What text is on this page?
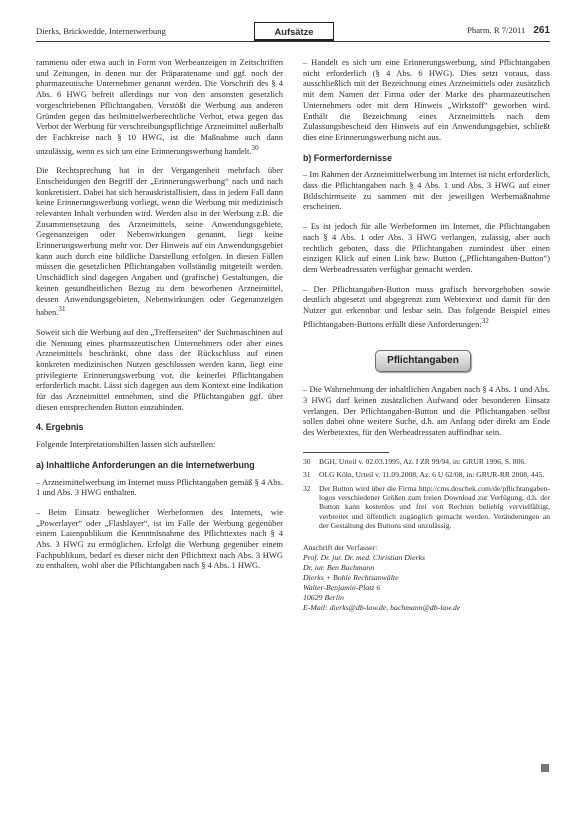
Dierks, Brickwedde, Internetwerbung	Aufsätze	Pharm. R 7/2011 261

rammenu oder etwa auch in Form von Werbeanzeigen in Zeitschriften und Zeitungen, in denen nur der Präparatename und ggf. noch der pharmazeutische Unternehmer genannt werden. Die Vorschrift des § 4 Abs. 6 HWG befreit allerdings nur von den ansonsten gesetzlich vorgeschriebenen Pflichtangaben. Verstößt die Werbung aus anderen Gründen gegen das heilmittelwerberechtliche Verbot, etwa gegen das Verbot der Werbung für verschreibungspflichtige Arzneimittel außerhalb der Fachkreise nach § 10 HWG, ist die Maßnahme auch dann unzulässig, wenn es sich um eine Erinnerungswerbung handelt.$^{30}$

Die Rechtsprechung hat in der Vergangenheit mehrfach über Entscheidungen den Begriff der „Erinnerungswerbung“ nach und nach konkretisiert. Dabei hat sich herauskristallisiert, dass in jedem Fall dann keine Erinnerungswerbung vorliegt, wenn die Werbung mit medizinisch relevanten Inhalt verbunden wird. Werden also in der Werbung z.B. die Zusammensetzung des Arzneimittels, seine Anwendungsgebiete, Gegenanzeigen oder Nebenwirkungen genannt, liegt keine Erinnerungswerbung mehr vor. Der Hinweis auf ein Anwendungsgebiet kann auch durch eine bildliche Darstellung erfolgen. In diesen Fällen müssen die gesetzlichen Pflichtangaben vollständig mitgeteilt werden. Unschädlich sind dagegen Angaben und (grafische) Gestaltungen, die keinen gesundheitlichen Bezug zu dem beworbenen Arzneimittel, dessen Anwendungsgebieten, Nebenwirkungen oder Gegenanzeigen haben.$^{31}$

Soweit sich die Werbung auf den „Trefferseiten“ der Suchmaschinen auf die Nennung eines pharmazeutischen Unternehmers oder aber eines Arzneimittels beschränkt, ohne dass der Rückschluss auf einen konkreten medizinischen Nutzen geschlossen werden kann, liegt eine privilegierte Erinnerungswerbung vor, die keinerlei Pflichtangaben erforderlich macht. Lässt sich dagegen aus dem Kontext eine Indikation für das Arzneimittel entnehmen, sind die Pflichtangaben ggf. über diesen entsprechenden Button einzubinden.

4. Ergebnis

Folgende Interpretationshilfen lassen sich aufstellen:

a) Inhaltliche Anforderungen an die Internetwerbung

– Arzneimittelwerbung im Internet muss Pflichtangaben gemäß § 4 Abs. 1 und Abs. 3 HWG enthalten.

– Beim Einsatz beweglicher Werbeformen des Internets, wie „Powerlayer“ oder „Flashlayer“, ist im Falle der Werbung gegenüber einem Laienpublikum die Kenntnisnahme des Pflichttextes nach § 4 Abs. 3 HWG zu ermöglichen. Erfolgt die Werbung gegenüber einem Fachpublikum, bedarf es dieser nicht den Pflichttext nach Abs. 3 HWG zu enthalten, wohl aber die Pflichtangaben nach § 4 Abs. 1 HWG.

– Handelt es sich um eine Erinnerungswerbung, sind Pflichtangaben nicht erforderlich (§ 4 Abs. 6 HWG). Dies setzt voraus, dass ausschließlich mit der Bezeichnung eines Arzneimittels oder zusätzlich mit dem Namen der Firma oder der Marke des pharmazeutischen Unternehmers oder mit dem Hinweis „Wirkstoff“ geworben wird. Enthält die Bezeichnung eines Arzneimittels nach dem Zulassungsbescheid den Hinweis auf ein Anwendungsgebiet, schließt dies eine Erinnerungswerbung nicht aus.

b) Formerfordernisse

– Im Rahmen der Arzneimittelwerbung im Internet ist nicht erforderlich, dass die Pflichtangaben nach § 4 Abs. 1 und Abs. 3 HWG auf einer Bildschirmseite zu sammen mit der jeweiligen Werbemaßnahme erscheinen.

– Es ist jedoch für alle Werbeformen im Internet, die Pflichtangaben nach § 4 Abs. 1 oder Abs. 3 HWG verlangen, zulässig, aber auch rechtlich geboten, dass die Pflichtangaben zumindest über einen einzigen Klick auf einen Link bzw. Button („Pflichtangaben-Button“) dem Werbeadressaten verfügbar gemacht werden.

– Der Pflichtangaben-Button muss grafisch hervorgehoben sowie deutlich abgesetzt und abgegrenzt zum Webtextext und damit für den Nutzer gut erkennbar und lesbar sein. Das folgende Beispiel eines Pflichtangaben-Buttons erfüllt diese Anforderungen:$^{32}$

Pflichtangaben

– Die Wahrnehmung der inhaltlichen Angaben nach § 4 Abs. 1 und Abs. 3 HWG darf keinen zusätzlichen Aufwand oder besonderen Einsatz verlangen. Der Pflichtangaben-Button und die Pflichtangaben selbst sollen dabei ohne weitere Suche, d.h. am Anfang oder direkt am Ende des Werbetextes, für den Werbeadressaten auffindbar sein.

30	BGH, Urteil v. 02.03.1995, Az. I ZR 99/94, in: GRUR 1996, S. 806.
31	OLG Köln, Urteil v. 11.09.2008, Az. 6 U 62/08, in: GRUR-RR 2008, 445.
32	Der Button wird über die Firma http://cms.doschek.com/de/pflichtangaben-logos verschiedener Größen zum freien Download zur Verfügung, d.h. der Button kann kostenlos und frei von Rechten beliebig vervielfältigt, verbreitet und öffentlich zugänglich gemacht werden. Veränderungen an der Gestaltung des Buttons sind unzulässig.
Anschrift der Verfasser:
Prof. Dr. jur. Dr. med. Christian Dierks
Dr. iur. Ben Bachmann
Dierks + Bohle Rechtsanwälte
Walter-Benjamin-Platz 6
10629 Berlin
E-Mail: dierks@db-law.de, bachmann@db-law.de
